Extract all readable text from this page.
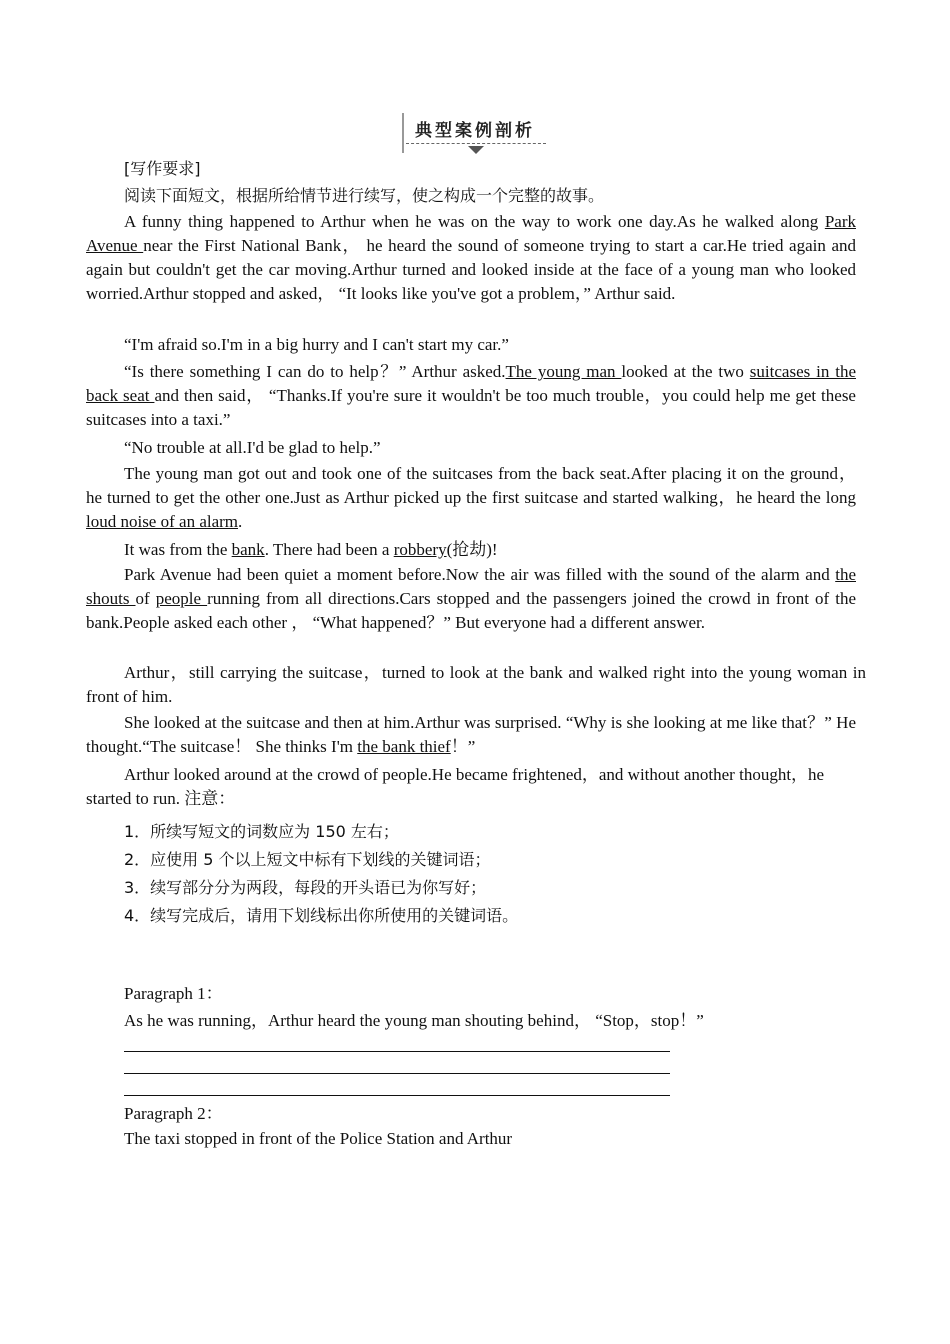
典型案例剖析
[写作要求]
阅读下面短文，根据所给情节进行续写，使之构成一个完整的故事。

A funny thing happened to Arthur when he was on the way to work one day.As he walked along Park Avenue near the First National Bank， he heard the sound of someone trying to start a car.He tried again and again but couldn't get the car moving.Arthur turned and looked inside at the face of a young man who looked worried.Arthur stopped and asked， “It looks like you've got a problem，” Arthur said.

“I'm afraid so.I'm in a big hurry and I can't start my car.”

“Is there something I can do to help？” Arthur asked.The young man looked at the two suitcases in the back seat and then said， “Thanks.If you're sure it wouldn't be too much trouble，you could help me get these suitcases into a taxi.”

“No trouble at all.I'd be glad to help.”

The young man got out and took one of the suitcases from the back seat.After placing it on the ground， he turned to get the other one.Just as Arthur picked up the first suitcase and started walking，he heard the long loud noise of an alarm.

It was from the bank. There had been a robbery(抢劫)!

Park Avenue had been quiet a moment before.Now the air was filled with the sound of the alarm and the shouts of people running from all directions.Cars stopped and the passengers joined the crowd in front of the bank.People asked each other ， “What happened？” But everyone had a different answer.

Arthur，still carrying the suitcase，turned to look at the bank and walked right into the young woman in front of him.

She looked at the suitcase and then at him.Arthur was surprised. “Why is she looking at me like that？” He thought.“The suitcase！ She thinks I'm the bank thief！”

Arthur looked around at the crowd of people.He became frightened，and without another thought，he started to run. 注意：

1．所续写短文的词数应为 150 左右；

2．应使用 5 个以上短文中标有下划线的关键词语；

3．续写部分分为两段，每段的开头语已为你写好；

4．续写完成后，请用下划线标出你所使用的关键词语。

Paragraph 1：
As he was running，Arthur heard the young man shouting behind， “Stop，stop！”
Paragraph 2：
The taxi stopped in front of the Police Station and Arthur
